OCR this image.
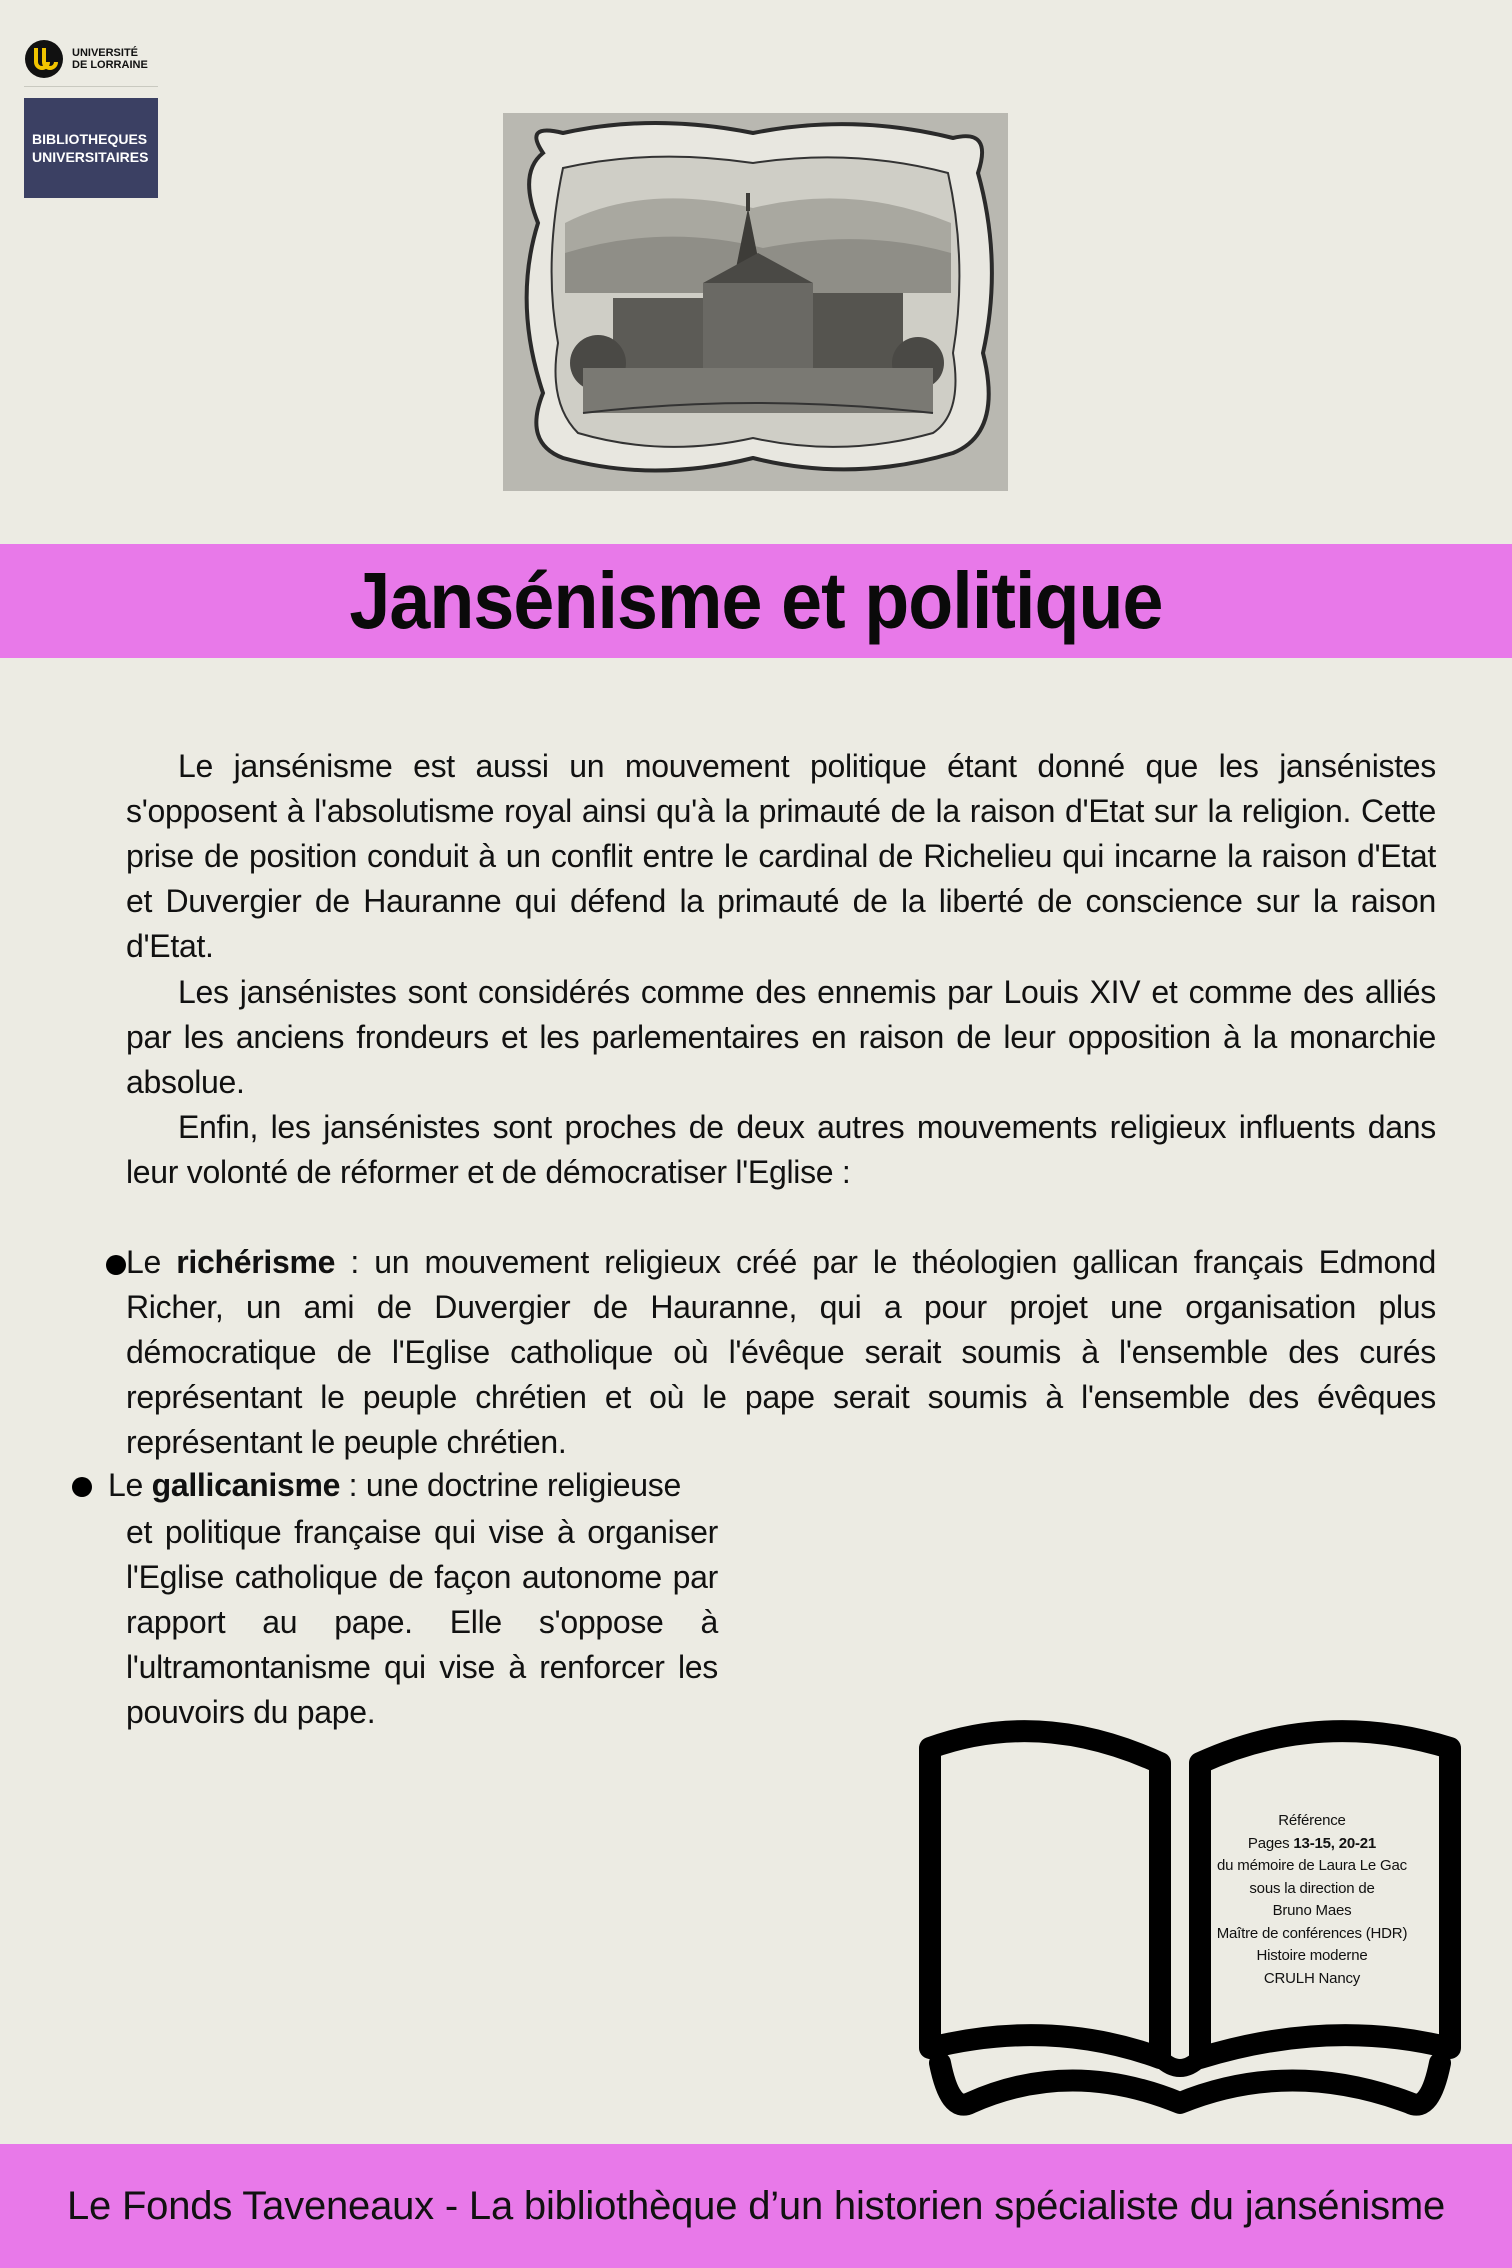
UNIVERSITÉ
DE LORRAINE
BIBLIOTHEQUES
UNIVERSITAIRES
Jansénisme et politique
Le jansénisme est aussi un mouvement politique étant donné que les jansénistes s'opposent à l'absolutisme royal ainsi qu'à la primauté de la raison d'Etat sur la religion. Cette prise de position conduit à un conflit entre le cardinal de Richelieu qui incarne la raison d'Etat et Duvergier de Hauranne qui défend la primauté de la liberté de conscience sur la raison d'Etat.
Les jansénistes sont considérés comme des ennemis par Louis XIV et comme des alliés par les anciens frondeurs et les parlementaires en raison de leur opposition à la monarchie absolue.
Enfin, les jansénistes sont proches de deux autres mouvements religieux influents dans leur volonté de réformer et de démocratiser l'Eglise :
Le richérisme : un mouvement religieux créé par le théologien gallican français Edmond Richer, un ami de Duvergier de Hauranne, qui a pour projet une organisation plus démocratique de l'Eglise catholique où l'évêque serait soumis à l'ensemble des curés représentant le peuple chrétien et où le pape serait soumis à l'ensemble des évêques représentant le peuple chrétien.
Le gallicanisme : une doctrine religieuse
et politique française qui vise à organiser l'Eglise catholique de façon autonome par rapport au pape. Elle s'oppose à l'ultramontanisme qui vise à renforcer les pouvoirs du pape.
Référence
Pages 13-15, 20-21
du mémoire de Laura Le Gac
sous la direction de
Bruno Maes
Maître de conférences (HDR)
Histoire moderne
CRULH Nancy
Le Fonds Taveneaux - La bibliothèque d’un historien spécialiste du jansénisme
